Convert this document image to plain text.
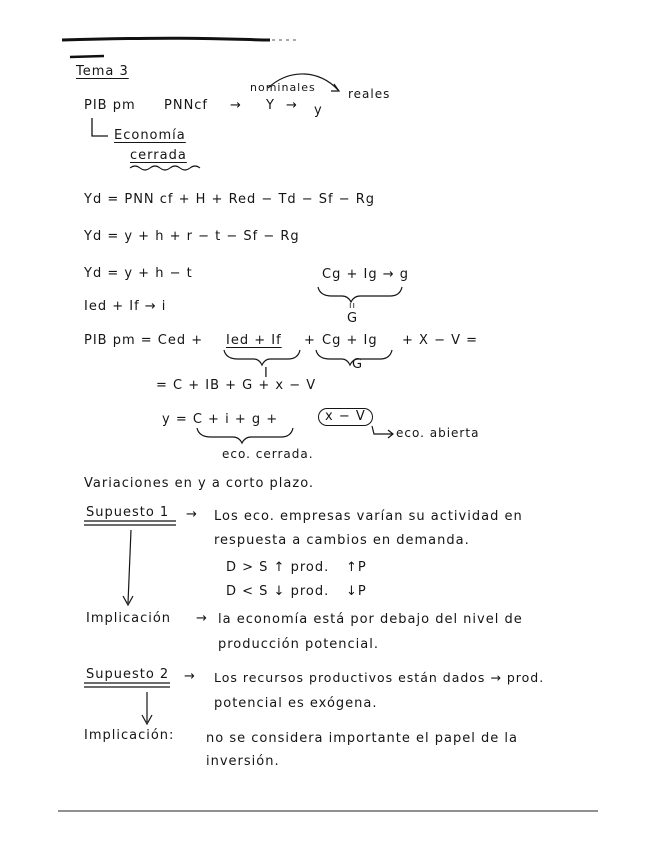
Tema 3
PIB pm PNNcf → Y → y
nominales	reales
Economía
cerrada
Yd = PNN cf + H + Red − Td − Sf − Rg
Yd = y + h + r − t − Sf − Rg
Yd = y + h − t	Cg + Ig → g
ıı
G
Ied + If → i
PIB pm = Ced + Ied + If + Cg + Ig + X − V =
I
G
= C + IB + G + x − V
y = C + i + g +	x − V
eco. abierta
eco. cerrada.
Variaciones en y a corto plazo.
Supuesto 1 → Los eco. empresas varían su actividad en
respuesta a cambios en demanda.
D > S ↑ prod. ↑P
D < S ↓ prod. ↓P
Implicación → la economía está por debajo del nivel de
producción potencial.
Supuesto 2 → Los recursos productivos están dados → prod.
potencial es exógena.
Implicación: no se considera importante el papel de la
inversión.
